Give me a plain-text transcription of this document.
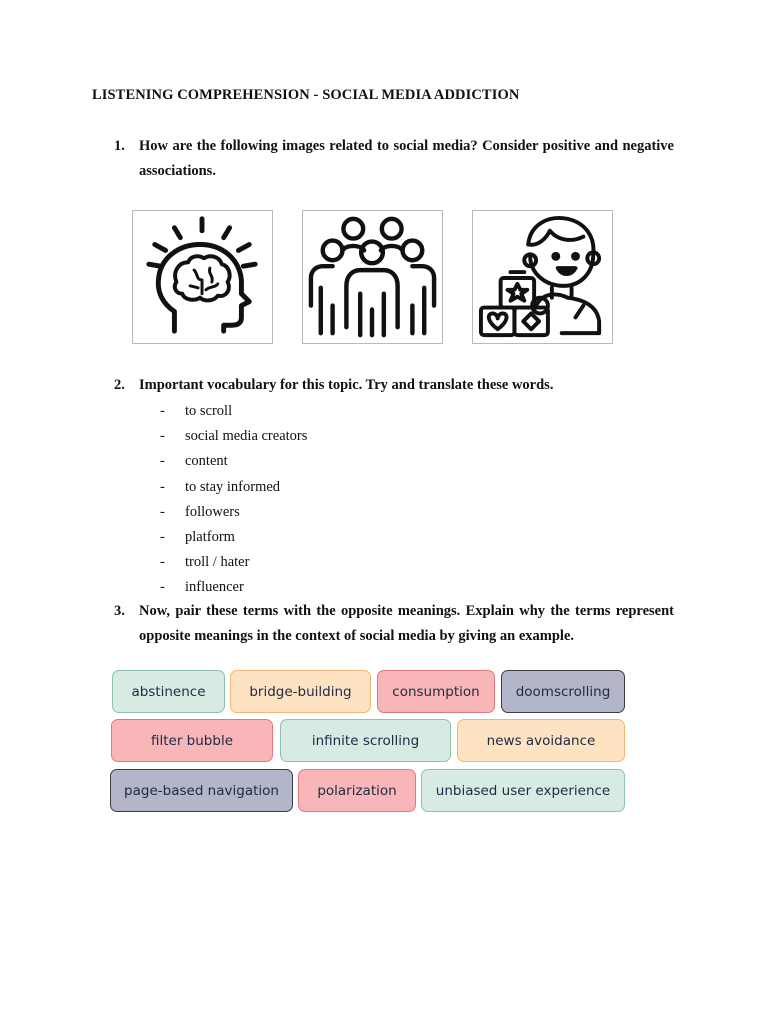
LISTENING COMPREHENSION - SOCIAL MEDIA ADDICTION
1. How are the following images related to social media? Consider positive and negative associations.
2. Important vocabulary for this topic. Try and translate these words.
- to scroll
- social media creators
- content
- to stay informed
- followers
- platform
- troll / hater
- influencer
3. Now, pair these terms with the opposite meanings. Explain why the terms represent opposite meanings in the context of social media by giving an example.
abstinence	bridge-building	consumption	doomscrolling
filter bubble	infinite scrolling	news avoidance
page-based navigation	polarization	unbiased user experience
